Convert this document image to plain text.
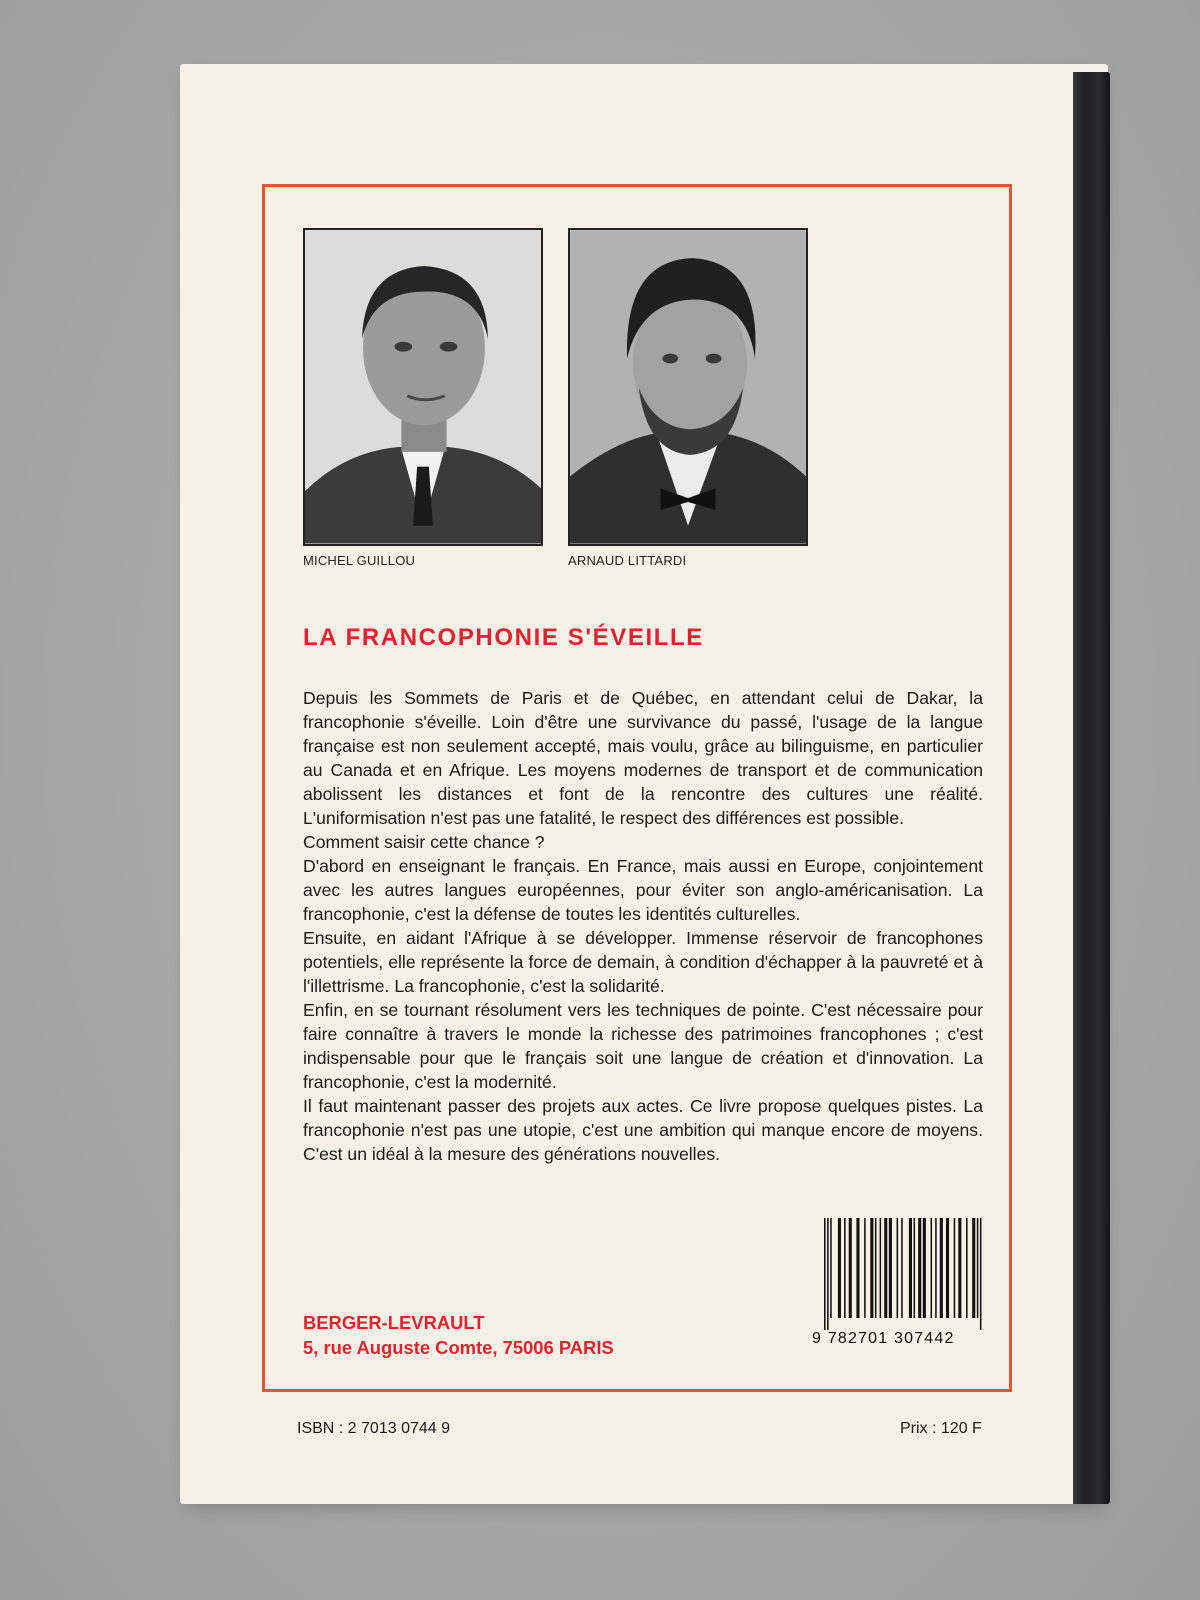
MICHEL GUILLOU	ARNAUD LITTARDI
LA FRANCOPHONIE S'ÉVEILLE

Depuis les Sommets de Paris et de Québec, en attendant celui de Dakar, la francophonie s'éveille. Loin d'être une survivance du passé, l'usage de la langue française est non seulement accepté, mais voulu, grâce au bilinguisme, en particulier au Canada et en Afrique. Les moyens modernes de transport et de communication abolissent les distances et font de la rencontre des cultures une réalité. L'uniformisation n'est pas une fatalité, le respect des différences est possible.

Comment saisir cette chance ?

D'abord en enseignant le français. En France, mais aussi en Europe, conjointement avec les autres langues européennes, pour éviter son anglo-américanisation. La francophonie, c'est la défense de toutes les identités culturelles.

Ensuite, en aidant l'Afrique à se développer. Immense réservoir de francophones potentiels, elle représente la force de demain, à condition d'échapper à la pauvreté et à l'illettrisme. La francophonie, c'est la solidarité.

Enfin, en se tournant résolument vers les techniques de pointe. C'est nécessaire pour faire connaître à travers le monde la richesse des patrimoines francophones ; c'est indispensable pour que le français soit une langue de création et d'innovation. La francophonie, c'est la modernité.

Il faut maintenant passer des projets aux actes. Ce livre propose quelques pistes. La francophonie n'est pas une utopie, c'est une ambition qui manque encore de moyens. C'est un idéal à la mesure des générations nouvelles.

9 782701 307442
BERGER-LEVRAULT
5, rue Auguste Comte, 75006 PARIS
ISBN : 2 7013 0744 9	Prix : 120 F
